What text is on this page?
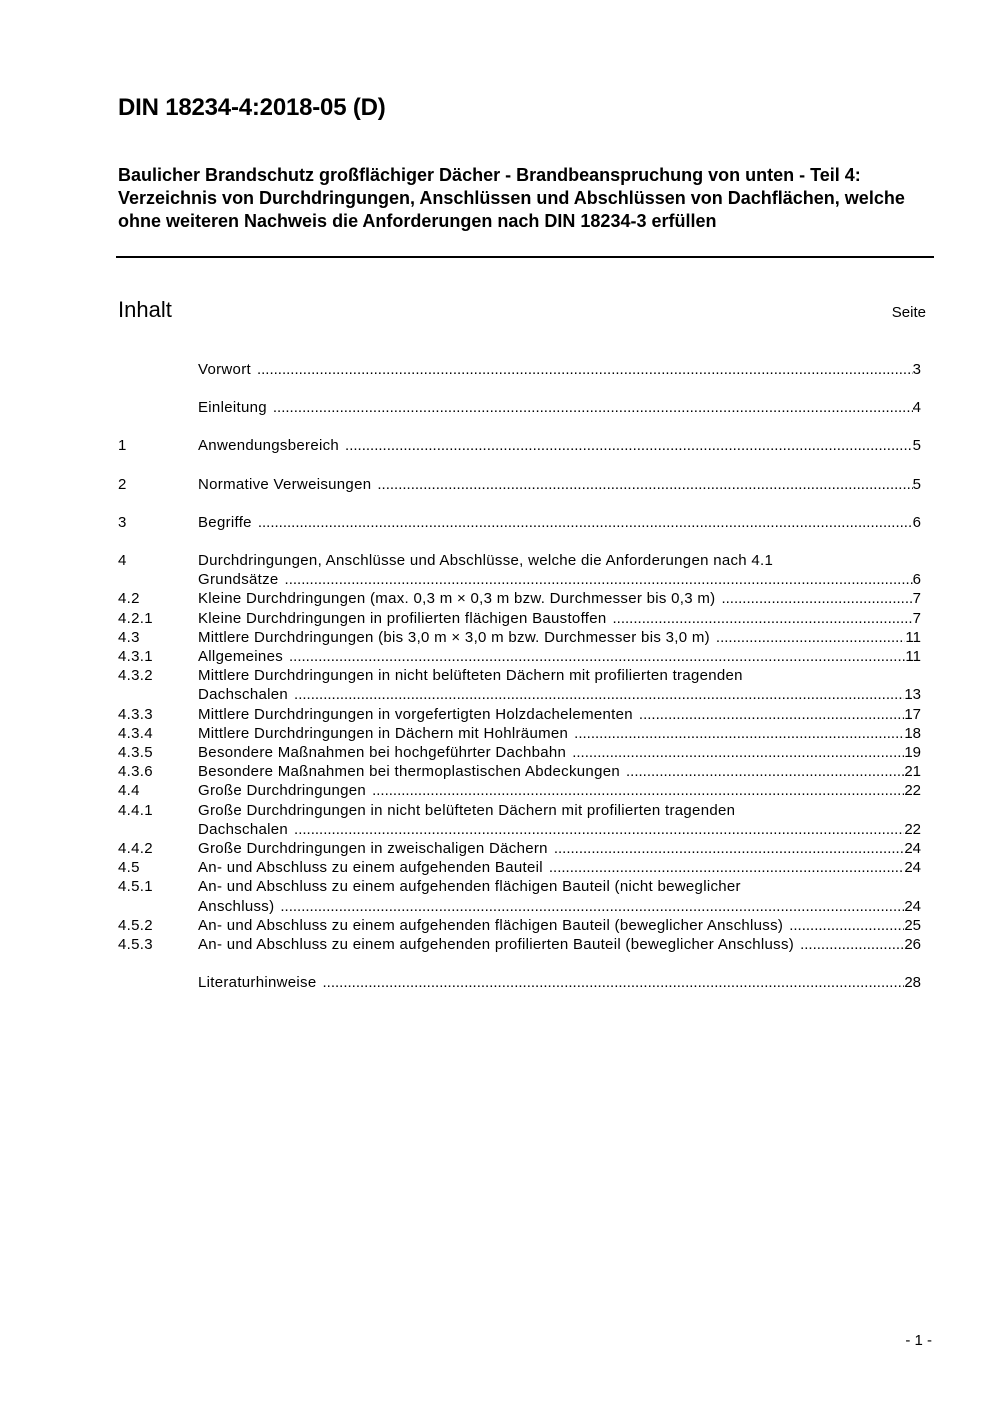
DIN 18234-4:2018-05 (D)
Baulicher Brandschutz großflächiger Dächer - Brandbeanspruchung von unten - Teil 4: Verzeichnis von Durchdringungen, Anschlüssen und Abschlüssen von Dachflächen, welche ohne weiteren Nachweis die Anforderungen nach DIN 18234-3 erfüllen
Inhalt	Seite
Vorwort .....	3
Einleitung .....	4
1	Anwendungsbereich .....	5
2	Normative Verweisungen .....	5
3	Begriffe .....	6
4	Durchdringungen, Anschlüsse und Abschlüsse, welche die Anforderungen nach 4.1
Grundsätze .....	6
4.2	Kleine Durchdringungen (max. 0,3 m × 0,3 m bzw. Durchmesser bis 0,3 m) .....	7
4.2.1	Kleine Durchdringungen in profilierten flächigen Baustoffen .....	7
4.3	Mittlere Durchdringungen (bis 3,0 m × 3,0 m bzw. Durchmesser bis 3,0 m) .....	11
4.3.1	Allgemeines .....	11
4.3.2	Mittlere Durchdringungen in nicht belüfteten Dächern mit profilierten tragenden
Dachschalen .....	13
4.3.3	Mittlere Durchdringungen in vorgefertigten Holzdachelementen .....	17
4.3.4	Mittlere Durchdringungen in Dächern mit Hohlräumen .....	18
4.3.5	Besondere Maßnahmen bei hochgeführter Dachbahn .....	19
4.3.6	Besondere Maßnahmen bei thermoplastischen Abdeckungen .....	21
4.4	Große Durchdringungen .....	22
4.4.1	Große Durchdringungen in nicht belüfteten Dächern mit profilierten tragenden
Dachschalen .....	22
4.4.2	Große Durchdringungen in zweischaligen Dächern .....	24
4.5	An- und Abschluss zu einem aufgehenden Bauteil .....	24
4.5.1	An- und Abschluss zu einem aufgehenden flächigen Bauteil (nicht beweglicher
Anschluss) .....	24
4.5.2	An- und Abschluss zu einem aufgehenden flächigen Bauteil (beweglicher Anschluss) .....	25
4.5.3	An- und Abschluss zu einem aufgehenden profilierten Bauteil (beweglicher Anschluss) .....	26
Literaturhinweise .....	28
- 1 -
